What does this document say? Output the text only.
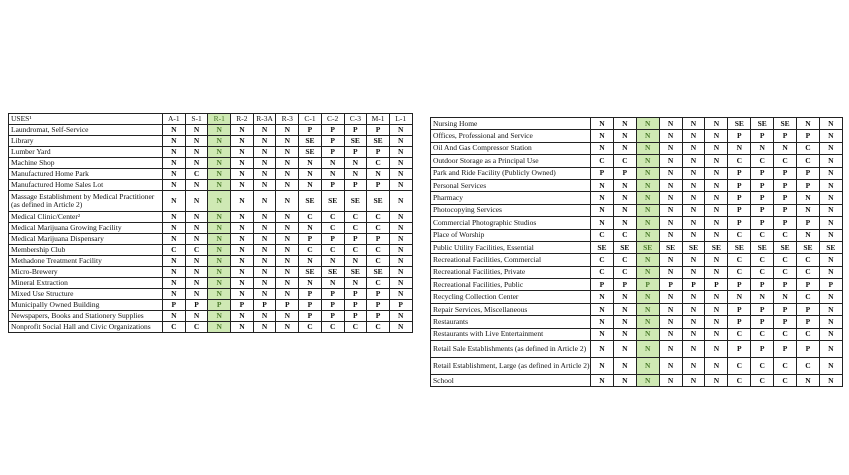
USES¹	A-1	S-1	R-1	R-2	R-3A	R-3	C-1	C-2	C-3	M-1	L-1
Laundromat, Self-Service	N	N	N	N	N	N	P	P	P	P	N
Library	N	N	N	N	N	N	SE	P	SE	SE	N
Lumber Yard	N	N	N	N	N	N	SE	P	P	P	N
Machine Shop	N	N	N	N	N	N	N	N	N	C	N
Manufactured Home Park	N	C	N	N	N	N	N	N	N	N	N
Manufactured Home Sales Lot	N	N	N	N	N	N	N	P	P	P	N
Massage Establishment by Medical Practitioner (as defined in Article 2)	N	N	N	N	N	N	SE	SE	SE	SE	N
Medical Clinic/Center²	N	N	N	N	N	N	C	C	C	C	N
Medical Marijuana Growing Facility	N	N	N	N	N	N	N	C	C	C	N
Medical Marijuana Dispensary	N	N	N	N	N	N	P	P	P	P	N
Membership Club	C	C	N	N	N	N	C	C	C	C	N
Methadone Treatment Facility	N	N	N	N	N	N	N	N	N	C	N
Micro-Brewery	N	N	N	N	N	N	SE	SE	SE	SE	N
Mineral Extraction	N	N	N	N	N	N	N	N	N	C	N
Mixed Use Structure	N	N	N	N	N	N	P	P	P	P	N
Municipally Owned Building	P	P	P	P	P	P	P	P	P	P	P
Newspapers, Books and Stationery Supplies	N	N	N	N	N	N	P	P	P	P	N
Nonprofit Social Hall and Civic Organizations	C	C	N	N	N	N	C	C	C	C	N
Nursing Home	N	N	N	N	N	N	SE	SE	SE	N	N
Offices, Professional and Service	N	N	N	N	N	N	P	P	P	P	N
Oil And Gas Compressor Station	N	N	N	N	N	N	N	N	N	C	N
Outdoor Storage as a Principal Use	C	C	N	N	N	N	C	C	C	C	N
Park and Ride Facility (Publicly Owned)	P	P	N	N	N	N	P	P	P	P	N
Personal Services	N	N	N	N	N	N	P	P	P	P	N
Pharmacy	N	N	N	N	N	N	P	P	P	N	N
Photocopying Services	N	N	N	N	N	N	P	P	P	N	N
Commercial Photographic Studios	N	N	N	N	N	N	P	P	P	P	N
Place of Worship	C	C	N	N	N	N	C	C	C	N	N
Public Utility Facilities, Essential	SE	SE	SE	SE	SE	SE	SE	SE	SE	SE	SE
Recreational Facilities, Commercial	C	C	N	N	N	N	C	C	C	C	N
Recreational Facilities, Private	C	C	N	N	N	N	C	C	C	C	N
Recreational Facilities, Public	P	P	P	P	P	P	P	P	P	P	P
Recycling Collection Center	N	N	N	N	N	N	N	N	N	C	N
Repair Services, Miscellaneous	N	N	N	N	N	N	P	P	P	P	N
Restaurants	N	N	N	N	N	N	P	P	P	P	N
Restaurants with Live Entertainment	N	N	N	N	N	N	C	C	C	C	N
Retail Sale Establishments (as defined in Article 2)	N	N	N	N	N	N	P	P	P	P	N
Retail Establishment, Large (as defined in Article 2)	N	N	N	N	N	N	C	C	C	C	N
School	N	N	N	N	N	N	C	C	C	N	N
